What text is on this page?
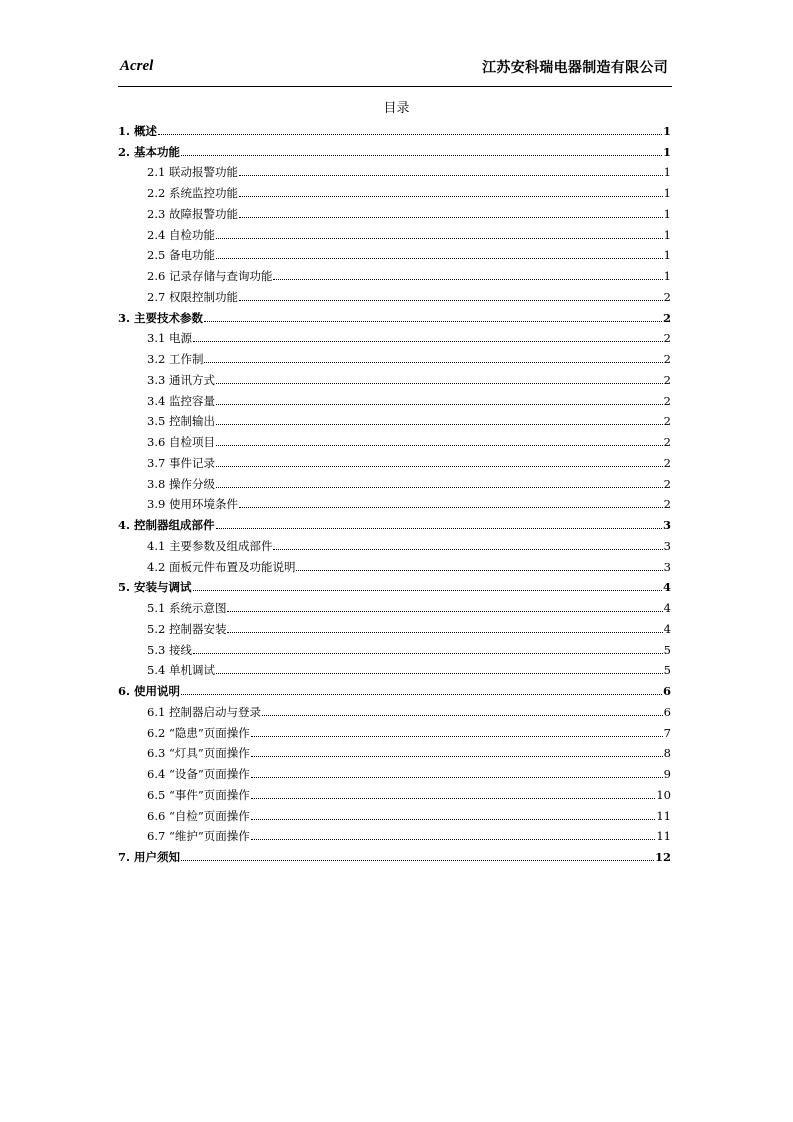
Acrel	江苏安科瑞电器制造有限公司
目录
1. 概述	1
2. 基本功能	1
2.1 联动报警功能	1
2.2 系统监控功能	1
2.3 故障报警功能	1
2.4 自检功能	1
2.5 备电功能	1
2.6 记录存储与查询功能	1
2.7 权限控制功能	2
3. 主要技术参数	2
3.1 电源	2
3.2 工作制	2
3.3 通讯方式	2
3.4 监控容量	2
3.5 控制输出	2
3.6 自检项目	2
3.7 事件记录	2
3.8 操作分级	2
3.9 使用环境条件	2
4. 控制器组成部件	3
4.1 主要参数及组成部件	3
4.2 面板元件布置及功能说明	3
5. 安装与调试	4
5.1 系统示意图	4
5.2 控制器安装	4
5.3 接线	5
5.4 单机调试	5
6. 使用说明	6
6.1 控制器启动与登录	6
6.2 “隐患”页面操作	7
6.3 “灯具”页面操作	8
6.4 “设备”页面操作	9
6.5 “事件”页面操作	10
6.6 “自检”页面操作	11
6.7 “维护”页面操作	11
7. 用户须知	12
